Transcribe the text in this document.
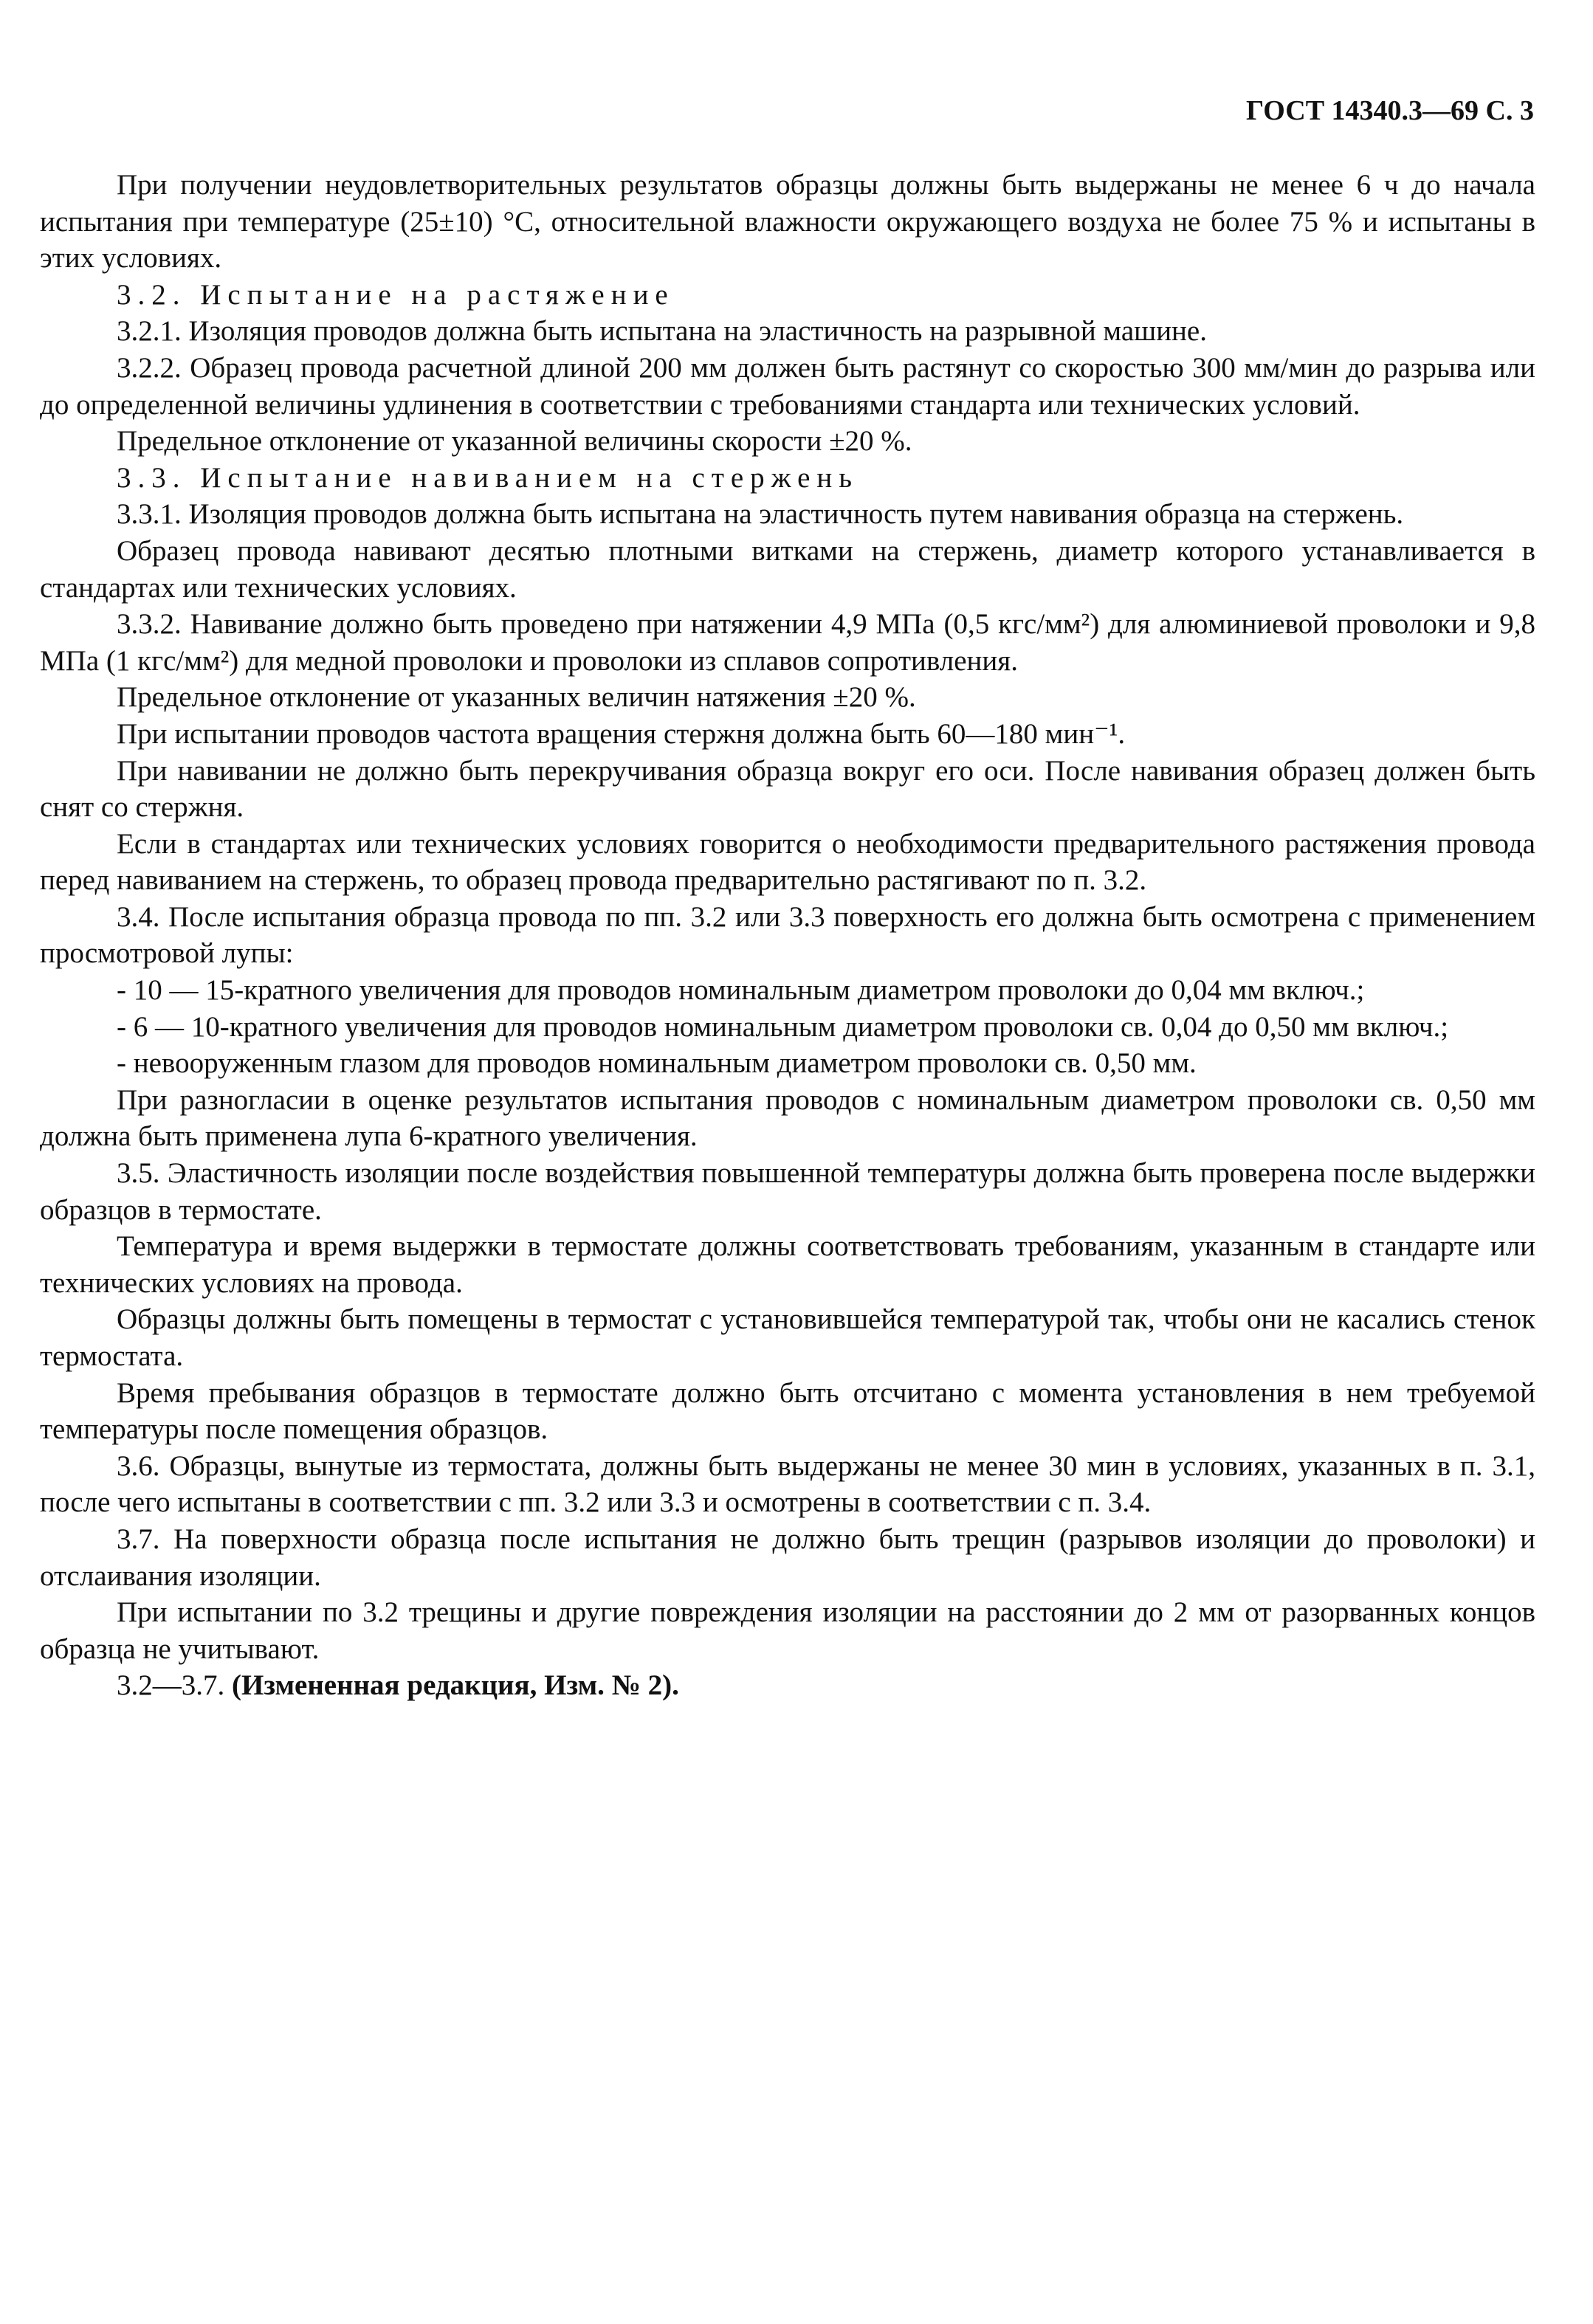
ГОСТ 14340.3—69 С. 3

При получении неудовлетворительных результатов образцы должны быть выдержаны не менее 6 ч до начала испытания при температуре (25±10) °С, относительной влажности окружающего воздуха не более 75 % и испытаны в этих условиях.

3.2. Испытание на растяжение

3.2.1. Изоляция проводов должна быть испытана на эластичность на разрывной машине.

3.2.2. Образец провода расчетной длиной 200 мм должен быть растянут со скоростью 300 мм/мин до разрыва или до определенной величины удлинения в соответствии с требованиями стандарта или технических условий.

Предельное отклонение от указанной величины скорости ±20 %.

3.3. Испытание навиванием на стержень

3.3.1. Изоляция проводов должна быть испытана на эластичность путем навивания образца на стержень.

Образец провода навивают десятью плотными витками на стержень, диаметр которого устанавливается в стандартах или технических условиях.

3.3.2. Навивание должно быть проведено при натяжении 4,9 МПа (0,5 кгс/мм²) для алюминиевой проволоки и 9,8 МПа (1 кгс/мм²) для медной проволоки и проволоки из сплавов сопротивления.

Предельное отклонение от указанных величин натяжения ±20 %.

При испытании проводов частота вращения стержня должна быть 60—180 мин⁻¹.

При навивании не должно быть перекручивания образца вокруг его оси. После навивания образец должен быть снят со стержня.

Если в стандартах или технических условиях говорится о необходимости предварительного растяжения провода перед навиванием на стержень, то образец провода предварительно растягивают по п. 3.2.

3.4. После испытания образца провода по пп. 3.2 или 3.3 поверхность его должна быть осмотрена с применением просмотровой лупы:

- 10 — 15-кратного увеличения для проводов номинальным диаметром проволоки до 0,04 мм включ.;

- 6 — 10-кратного увеличения для проводов номинальным диаметром проволоки св. 0,04 до 0,50 мм включ.;

- невооруженным глазом для проводов номинальным диаметром проволоки св. 0,50 мм.

При разногласии в оценке результатов испытания проводов с номинальным диаметром проволоки св. 0,50 мм должна быть применена лупа 6-кратного увеличения.

3.5. Эластичность изоляции после воздействия повышенной температуры должна быть проверена после выдержки образцов в термостате.

Температура и время выдержки в термостате должны соответствовать требованиям, указанным в стандарте или технических условиях на провода.

Образцы должны быть помещены в термостат с установившейся температурой так, чтобы они не касались стенок термостата.

Время пребывания образцов в термостате должно быть отсчитано с момента установления в нем требуемой температуры после помещения образцов.

3.6. Образцы, вынутые из термостата, должны быть выдержаны не менее 30 мин в условиях, указанных в п. 3.1, после чего испытаны в соответствии с пп. 3.2 или 3.3 и осмотрены в соответствии с п. 3.4.

3.7. На поверхности образца после испытания не должно быть трещин (разрывов изоляции до проволоки) и отслаивания изоляции.

При испытании по 3.2 трещины и другие повреждения изоляции на расстоянии до 2 мм от разорванных концов образца не учитывают.

3.2—3.7. (Измененная редакция, Изм. № 2).
